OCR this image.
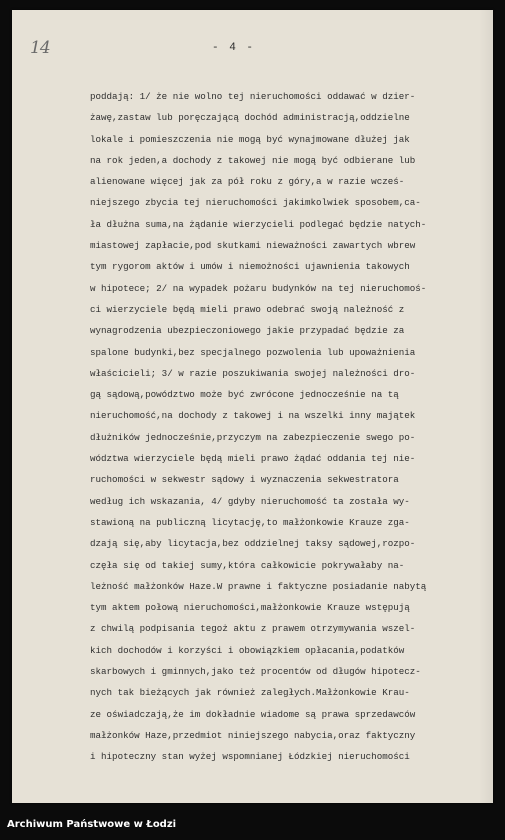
14	- 4 -
poddają: 1/ że nie wolno tej nieruchomości oddawać w dzier-
żawę,zastaw lub poręczającą dochód administracją,oddzielne
lokale i pomieszczenia nie mogą być wynajmowane dłużej jak
na rok jeden,a dochody z takowej nie mogą być odbierane lub
alienowane więcej jak za pół roku z góry,a w razie wcześ-
niejszego zbycia tej nieruchomości jakimkolwiek sposobem,ca-
ła dłużna suma,na żądanie wierzycieli podlegać będzie natych-
miastowej zapłacie,pod skutkami nieważności zawartych wbrew
tym rygorom aktów i umów i niemożności ujawnienia takowych
w hipotece; 2/ na wypadek pożaru budynków na tej nieruchomoś-
ci wierzyciele będą mieli prawo odebrać swoją należność z
wynagrodzenia ubezpieczoniowego jakie przypadać będzie za
spalone budynki,bez specjalnego pozwolenia lub upoważnienia
właścicieli; 3/ w razie poszukiwania swojej należności dro-
gą sądową,powództwo może być zwrócone jednocześnie na tą
nieruchomość,na dochody z takowej i na wszelki inny majątek
dłużników jednocześnie,przyczym na zabezpieczenie swego po-
wództwa wierzyciele będą mieli prawo żądać oddania tej nie-
ruchomości w sekwestr sądowy i wyznaczenia sekwestratora
według ich wskazania, 4/ gdyby nieruchomość ta została wy-
stawioną na publiczną licytację,to małżonkowie Krauze zga-
dzają się,aby licytacja,bez oddzielnej taksy sądowej,rozpo-
częła się od takiej sumy,która całkowicie pokrywałaby na-
leżność małżonków Haze.W prawne i faktyczne posiadanie nabytą
tym aktem połową nieruchomości,małżonkowie Krauze wstępują
z chwilą podpisania tegoż aktu z prawem otrzymywania wszel-
kich dochodów i korzyści i obowiązkiem opłacania,podatków
skarbowych i gminnych,jako też procentów od długów hipotecz-
nych tak bieżących jak również zaległych.Małżonkowie Krau-
ze oświadczają,że im dokładnie wiadome są prawa sprzedawców
małżonków Haze,przedmiot niniejszego nabycia,oraz faktyczny
i hipoteczny stan wyżej wspomnianej Łódzkiej nieruchomości
Archiwum Państwowe w Łodzi
